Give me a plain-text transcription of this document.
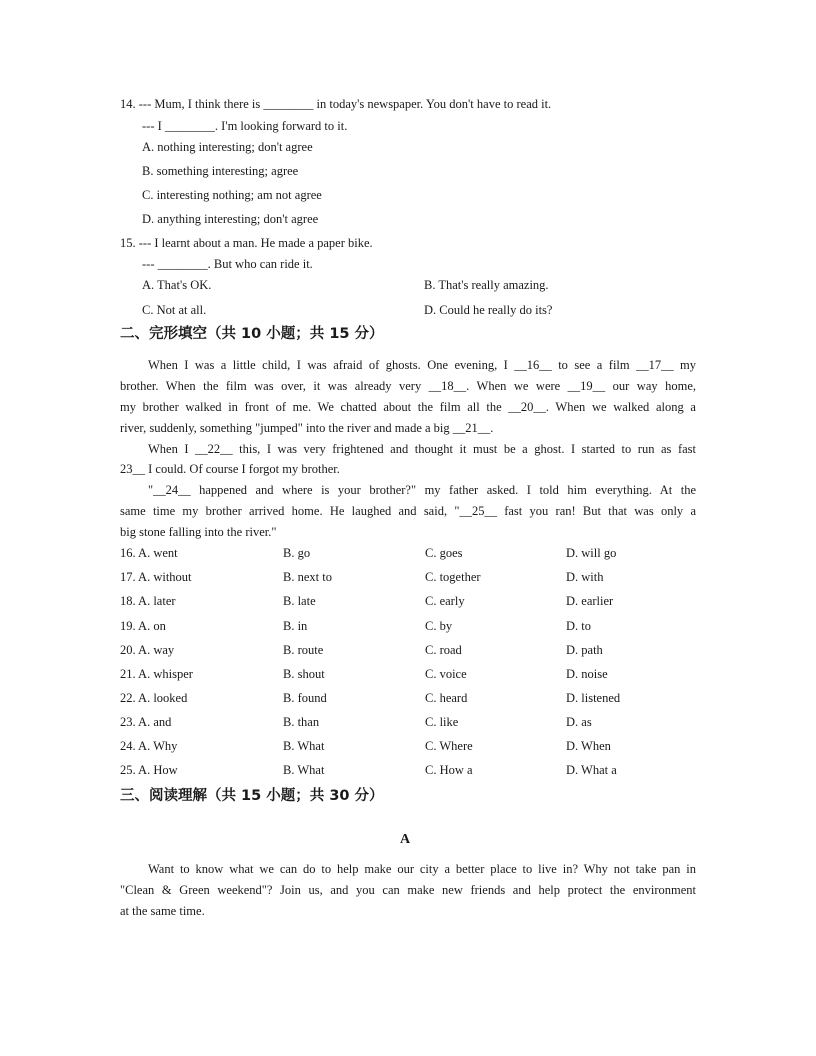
14. --- Mum, I think there is ________ in today's newspaper. You don't have to read it.
--- I ________. I'm looking forward to it.
A. nothing interesting; don't agree
B. something interesting; agree
C. interesting nothing; am not agree
D. anything interesting; don't agree
15. --- I learnt about a man. He made a paper bike.
--- ________. But who can ride it.
A. That's OK.	B. That's really amazing.
C. Not at all.	D. Could he really do its?
二、完形填空（共 10 小题；共 15 分）
When I was a little child, I was afraid of ghosts. One evening, I __16__ to see a film __17__ my
brother. When the film was over, it was already very __18__. When we were __19__ our way home,
my brother walked in front of me. We chatted about the film all the __20__. When we walked along a
river, suddenly, something "jumped" into the river and made a big __21__.
When I __22__ this, I was very frightened and thought it must be a ghost. I started to run as fast
23__ I could. Of course I forgot my brother.
"__24__ happened and where is your brother?" my father asked. I told him everything. At the
same time my brother arrived home. He laughed and said, "__25__ fast you ran! But that was only a
big stone falling into the river."
16. A. went	B. go	C. goes	D. will go
17. A. without	B. next to	C. together	D. with
18. A. later	B. late	C. early	D. earlier
19. A. on	B. in	C. by	D. to
20. A. way	B. route	C. road	D. path
21. A. whisper	B. shout	C. voice	D. noise
22. A. looked	B. found	C. heard	D. listened
23. A. and	B. than	C. like	D. as
24. A. Why	B. What	C. Where	D. When
25. A. How	B. What	C. How a	D. What a
三、阅读理解（共 15 小题；共 30 分）
A
Want to know what we can do to help make our city a better place to live in? Why not take pan in
"Clean & Green weekend"? Join us, and you can make new friends and help protect the environment
at the same time.
